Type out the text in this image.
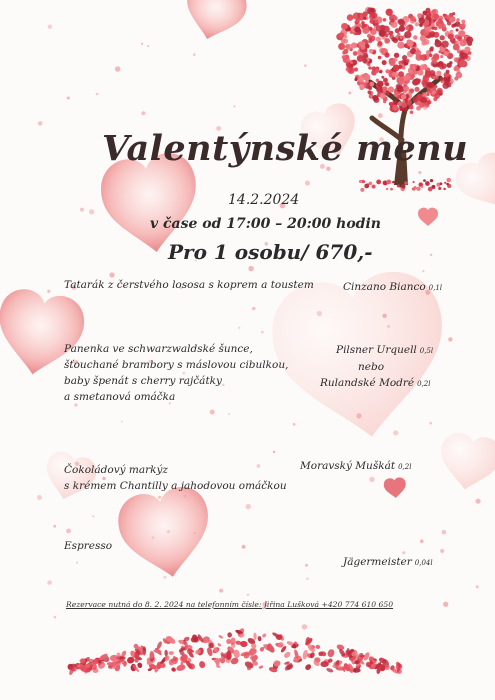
Valentýnské menu
14.2.2024
v čase od 17:00 – 20:00 hodin
Pro 1 osobu/ 670,-
Tatarák z čerstvého lososa s koprem a toustem
Panenka ve schwarzwaldské šunce,
šťouchané brambory s máslovou cibulkou,
baby špenát s cherry rajčátky
a smetanová omáčka
Čokoládový markýz
s krémem Chantilly a jahodovou omáčkou
Espresso
Cinzano Bianco 0,1l
Pilsner Urquell 0,5l
nebo
Rulandské Modré 0,2l
Moravský Muškát 0,2l
Jägermeister 0,04l
Rezervace nutná do 8. 2. 2024 na telefonním čísle: Jiřina Lušková +420 774 610 650
